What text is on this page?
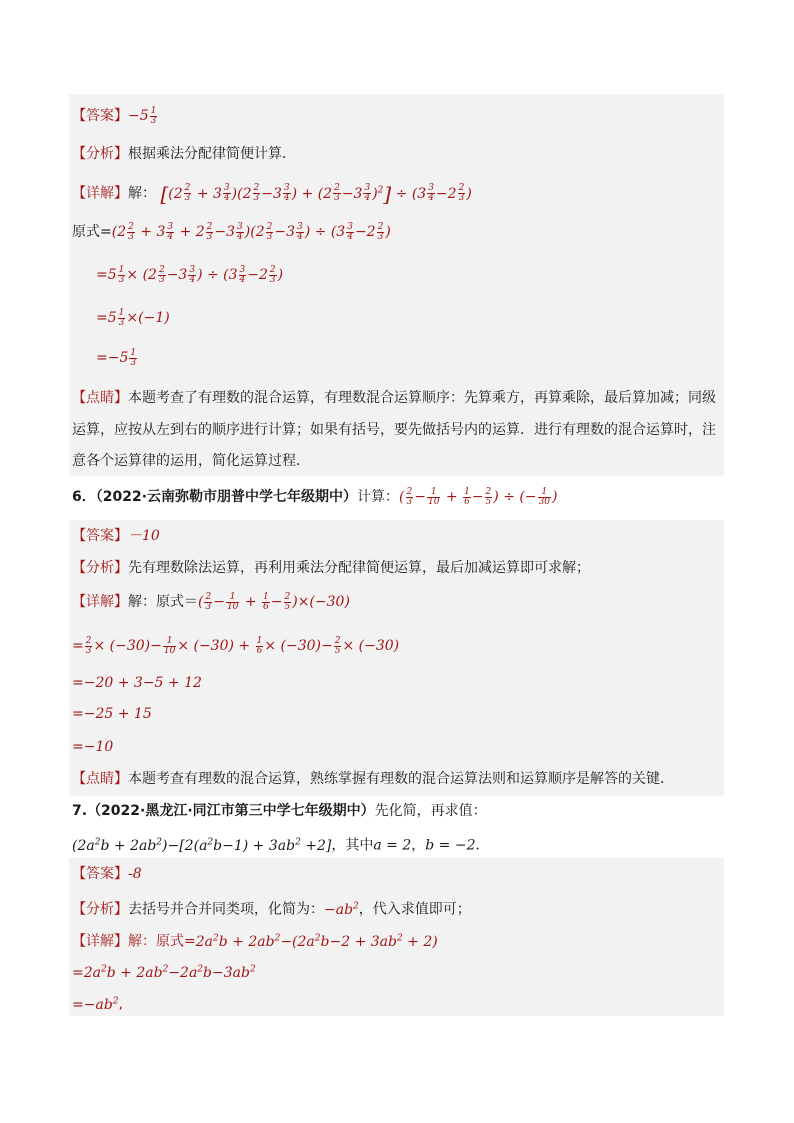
【答案】$-5 \frac{1}{3}$
【分析】根据乘法分配律简便计算．
【详解】解： [$(2 \frac{2}{3} + 3 \frac{3}{4} )(2 \frac{2}{3} -3 \frac{3}{4}$ ) + $(2 \frac{2}{3} -3 \frac{3}{4} )^2] \div (3 \frac{3}{4} -2 \frac{2}{3}$ )
原式$=(2 \frac{2}{3} + 3 \frac{3}{4} + 2 \frac{2}{3} -3 \frac{3}{4} )(2 \frac{2}{3} -3 \frac{3}{4}$ ) ÷ ($3 \frac{3}{4} -2 \frac{2}{3}$ )
$=5 \frac{1}{3} \times (2 \frac{2}{3} -3 \frac{3}{4}$ ) ÷ ($3 \frac{3}{4} -2 \frac{2}{3}$ )
$=5 \frac{1}{3} \times(-1)$
$=-5 \frac{1}{3}$
【点睛】本题考查了有理数的混合运算，有理数混合运算顺序：先算乘方，再算乘除，最后算加减；同级
运算，应按从左到右的顺序进行计算；如果有括号，要先做括号内的运算．进行有理数的混合运算时，注
意各个运算律的运用，简化运算过程．
6．（2022·云南弥勒市朋普中学七年级期中）计算：( $\frac{2}{3} - \frac{1}{10} + \frac{1}{6} - \frac{2}{5}$ ) ÷ (− $\frac{1}{30}$ )
【答案】－10
【分析】先有理数除法运算，再利用乘法分配律简便运算，最后加减运算即可求解；
【详解】解：原式＝( $\frac{2}{3} - \frac{1}{10} + \frac{1}{6} - \frac{2}{5} )\times(-30)$
= $\frac{2}{3} \times (-30)- \frac{1}{10} \times (-30) + \frac{1}{6} \times (-30)- \frac{2}{5} \times (-30)$
=−20 + 3−5 + 12
=−25 + 15
=−10
【点睛】本题考查有理数的混合运算，熟练掌握有理数的混合运算法则和运算顺序是解答的关键．
7.（2022·黑龙江·同江市第三中学七年级期中）先化简，再求值：
$(2a^2b + 2ab^2)-[2(a^2b-1) + 3ab^2 +2]$，其中a = 2，b = −2．
【答案】-8
【分析】去括号并合并同类项，化简为：$-ab^2$，代入求值即可；
【详解】解：原式$=2a^2b + 2ab^2-(2a^2b-2 + 3ab^2 + 2)$
$=2a^2b + 2ab^2-2a^2b-3ab^2$
$=-ab^2$,
